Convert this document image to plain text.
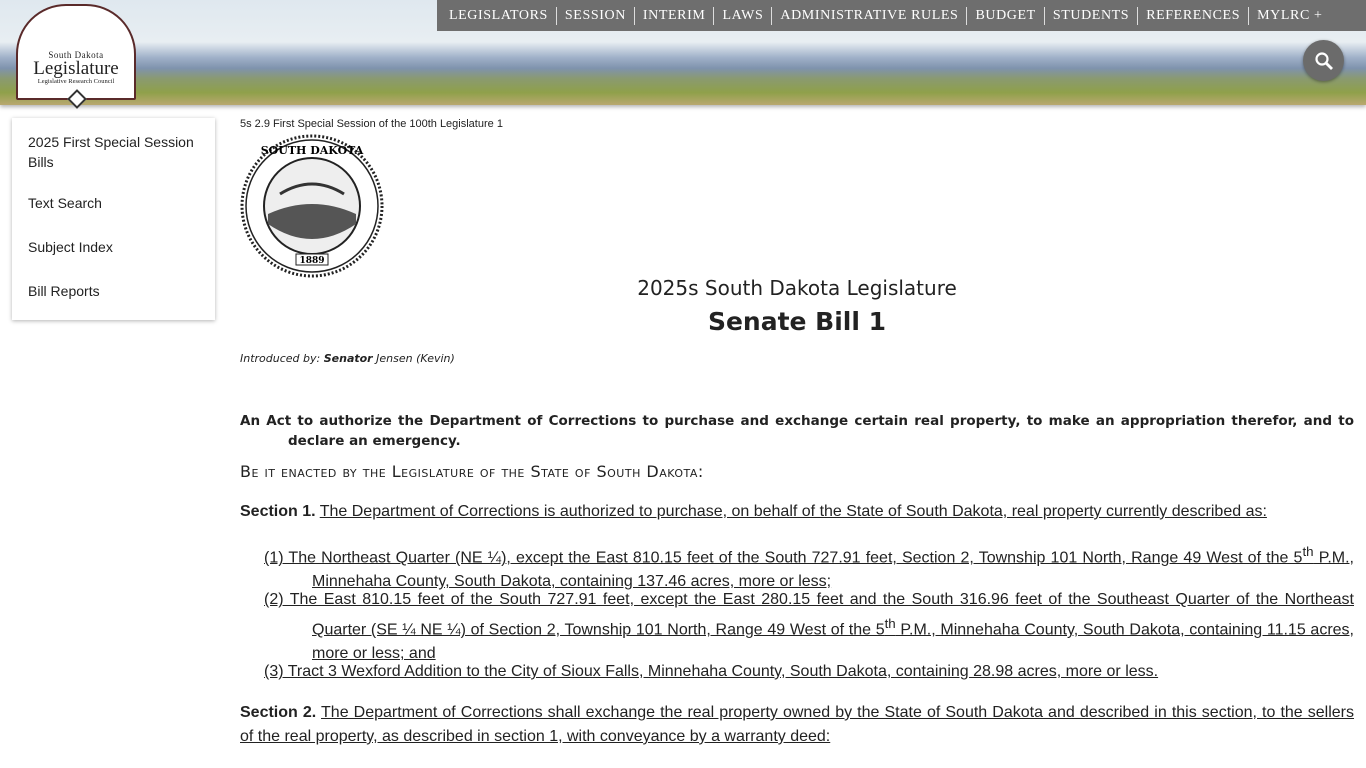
South Dakota
Legislature
Legislative Research Council
LEGISLATORS	SESSION	INTERIM	LAWS	ADMINISTRATIVE RULES	BUDGET	STUDENTS	REFERENCES	MYLRC +
2025 First Special Session Bills
Text Search
Subject Index
Bill Reports
5s 2.9 First Special Session of the 100th Legislature 1
1889
SOUTH DAKOTA
2025s South Dakota Legislature
Senate Bill 1
Introduced by: Senator Jensen (Kevin)
An Act to authorize the Department of Corrections to purchase and exchange certain real property, to make an appropriation therefor, and to declare an emergency.
Be it enacted by the Legislature of the State of South Dakota:
Section 1. The Department of Corrections is authorized to purchase, on behalf of the State of South Dakota, real property currently described as:
(1) The Northeast Quarter (NE ¼), except the East 810.15 feet of the South 727.91 feet, Section 2, Township 101 North, Range 49 West of the 5th P.M., Minnehaha County, South Dakota, containing 137.46 acres, more or less;
(2) The East 810.15 feet of the South 727.91 feet, except the East 280.15 feet and the South 316.96 feet of the Southeast Quarter of the Northeast Quarter (SE ¼ NE ¼) of Section 2, Township 101 North, Range 49 West of the 5th P.M., Minnehaha County, South Dakota, containing 11.15 acres, more or less; and
(3) Tract 3 Wexford Addition to the City of Sioux Falls, Minnehaha County, South Dakota, containing 28.98 acres, more or less.
Section 2. The Department of Corrections shall exchange the real property owned by the State of South Dakota and described in this section, to the sellers of the real property, as described in section 1, with conveyance by a warranty deed:
